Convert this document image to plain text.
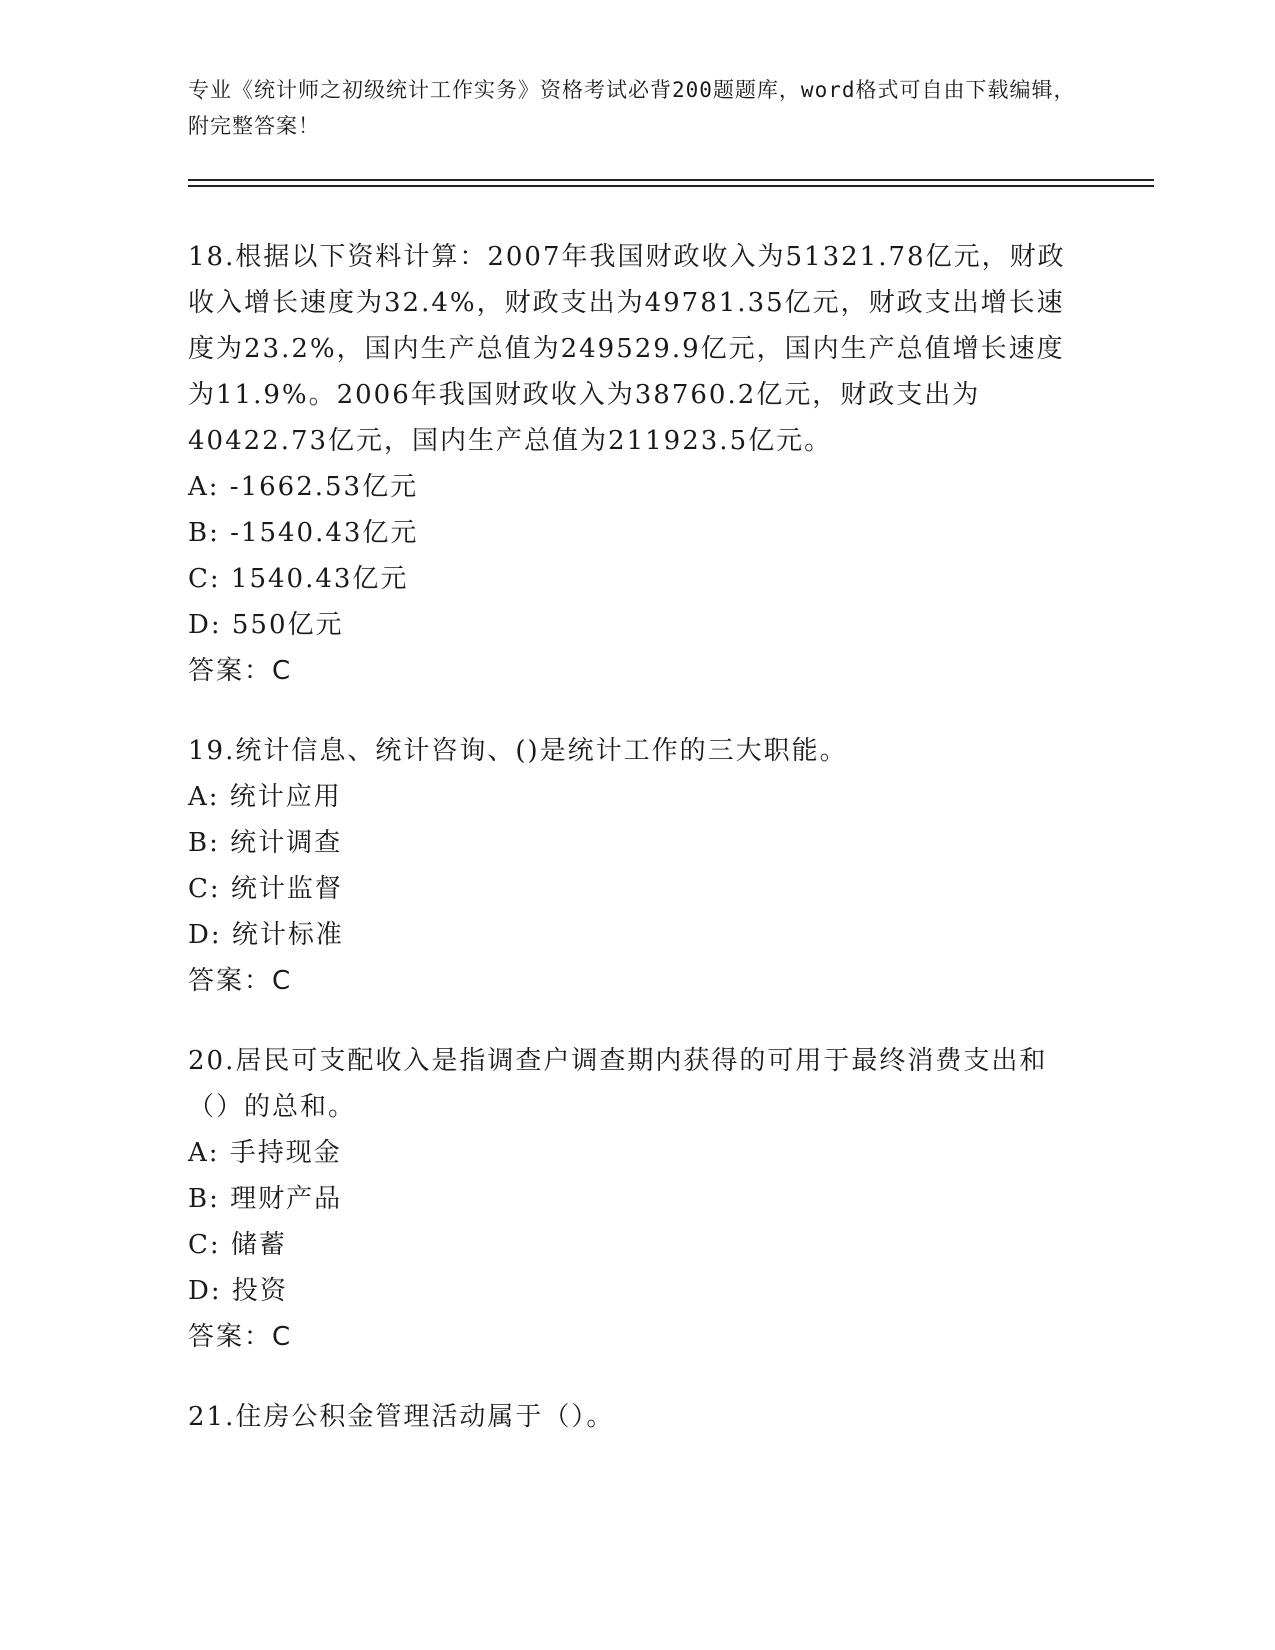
专业《统计师之初级统计工作实务》资格考试必背200题题库，word格式可自由下载编辑，附完整答案！

18.根据以下资料计算：2007年我国财政收入为51321.78亿元，财政收入增长速度为32.4%，财政支出为49781.35亿元，财政支出增长速度为23.2%，国内生产总值为249529.9亿元，国内生产总值增长速度为11.9%。2006年我国财政收入为38760.2亿元，财政支出为40422.73亿元，国内生产总值为211923.5亿元。

A: -1662.53亿元

B: -1540.43亿元

C: 1540.43亿元

D: 550亿元

答案：C

19.统计信息、统计咨询、()是统计工作的三大职能。

A: 统计应用

B: 统计调查

C: 统计监督

D: 统计标准

答案：C

20.居民可支配收入是指调查户调查期内获得的可用于最终消费支出和（）的总和。

A: 手持现金

B: 理财产品

C: 储蓄

D: 投资

答案：C

21.住房公积金管理活动属于（）。
